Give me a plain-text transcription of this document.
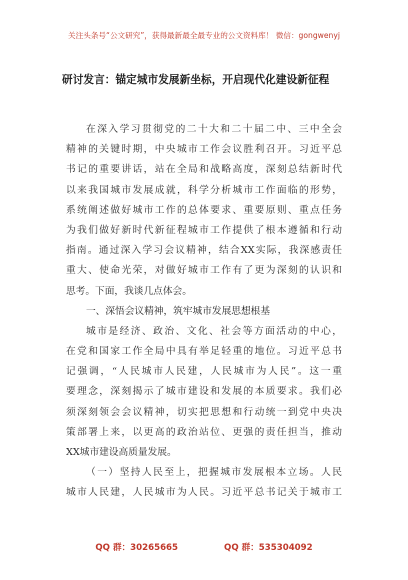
关注头条号“公文研究”，获得最新最全最专业的公文资料库！ 微信：gongwenyj
研讨发言：锚定城市发展新坐标，开启现代化建设新征程
在深入学习贯彻党的二十大和二十届二中、三中全会
精神的关键时期，中央城市工作会议胜利召开。习近平总
书记的重要讲话，站在全局和战略高度，深刻总结新时代
以来我国城市发展成就，科学分析城市工作面临的形势，
系统阐述做好城市工作的总体要求、重要原则、重点任务
为我们做好新时代新征程城市工作提供了根本遵循和行动
指南。通过深入学习会议精神，结合XX实际，我深感责任
重大、使命光荣，对做好城市工作有了更为深刻的认识和
思考。下面，我谈几点体会。
一、深悟会议精神，筑牢城市发展思想根基
城市是经济、政治、文化、社会等方面活动的中心，
在党和国家工作全局中具有举足轻重的地位。习近平总书
记强调，“人民城市人民建，人民城市为人民”。这一重
要理念，深刻揭示了城市建设和发展的本质要求。我们必
须深刻领会会议精神，切实把思想和行动统一到党中央决
策部署上来，以更高的政治站位、更强的责任担当，推动
XX城市建设高质量发展。
（一）坚持人民至上，把握城市发展根本立场。人民
城市人民建，人民城市为人民。习近平总书记关于城市工
QQ 群：30265665	QQ 群：535304092
